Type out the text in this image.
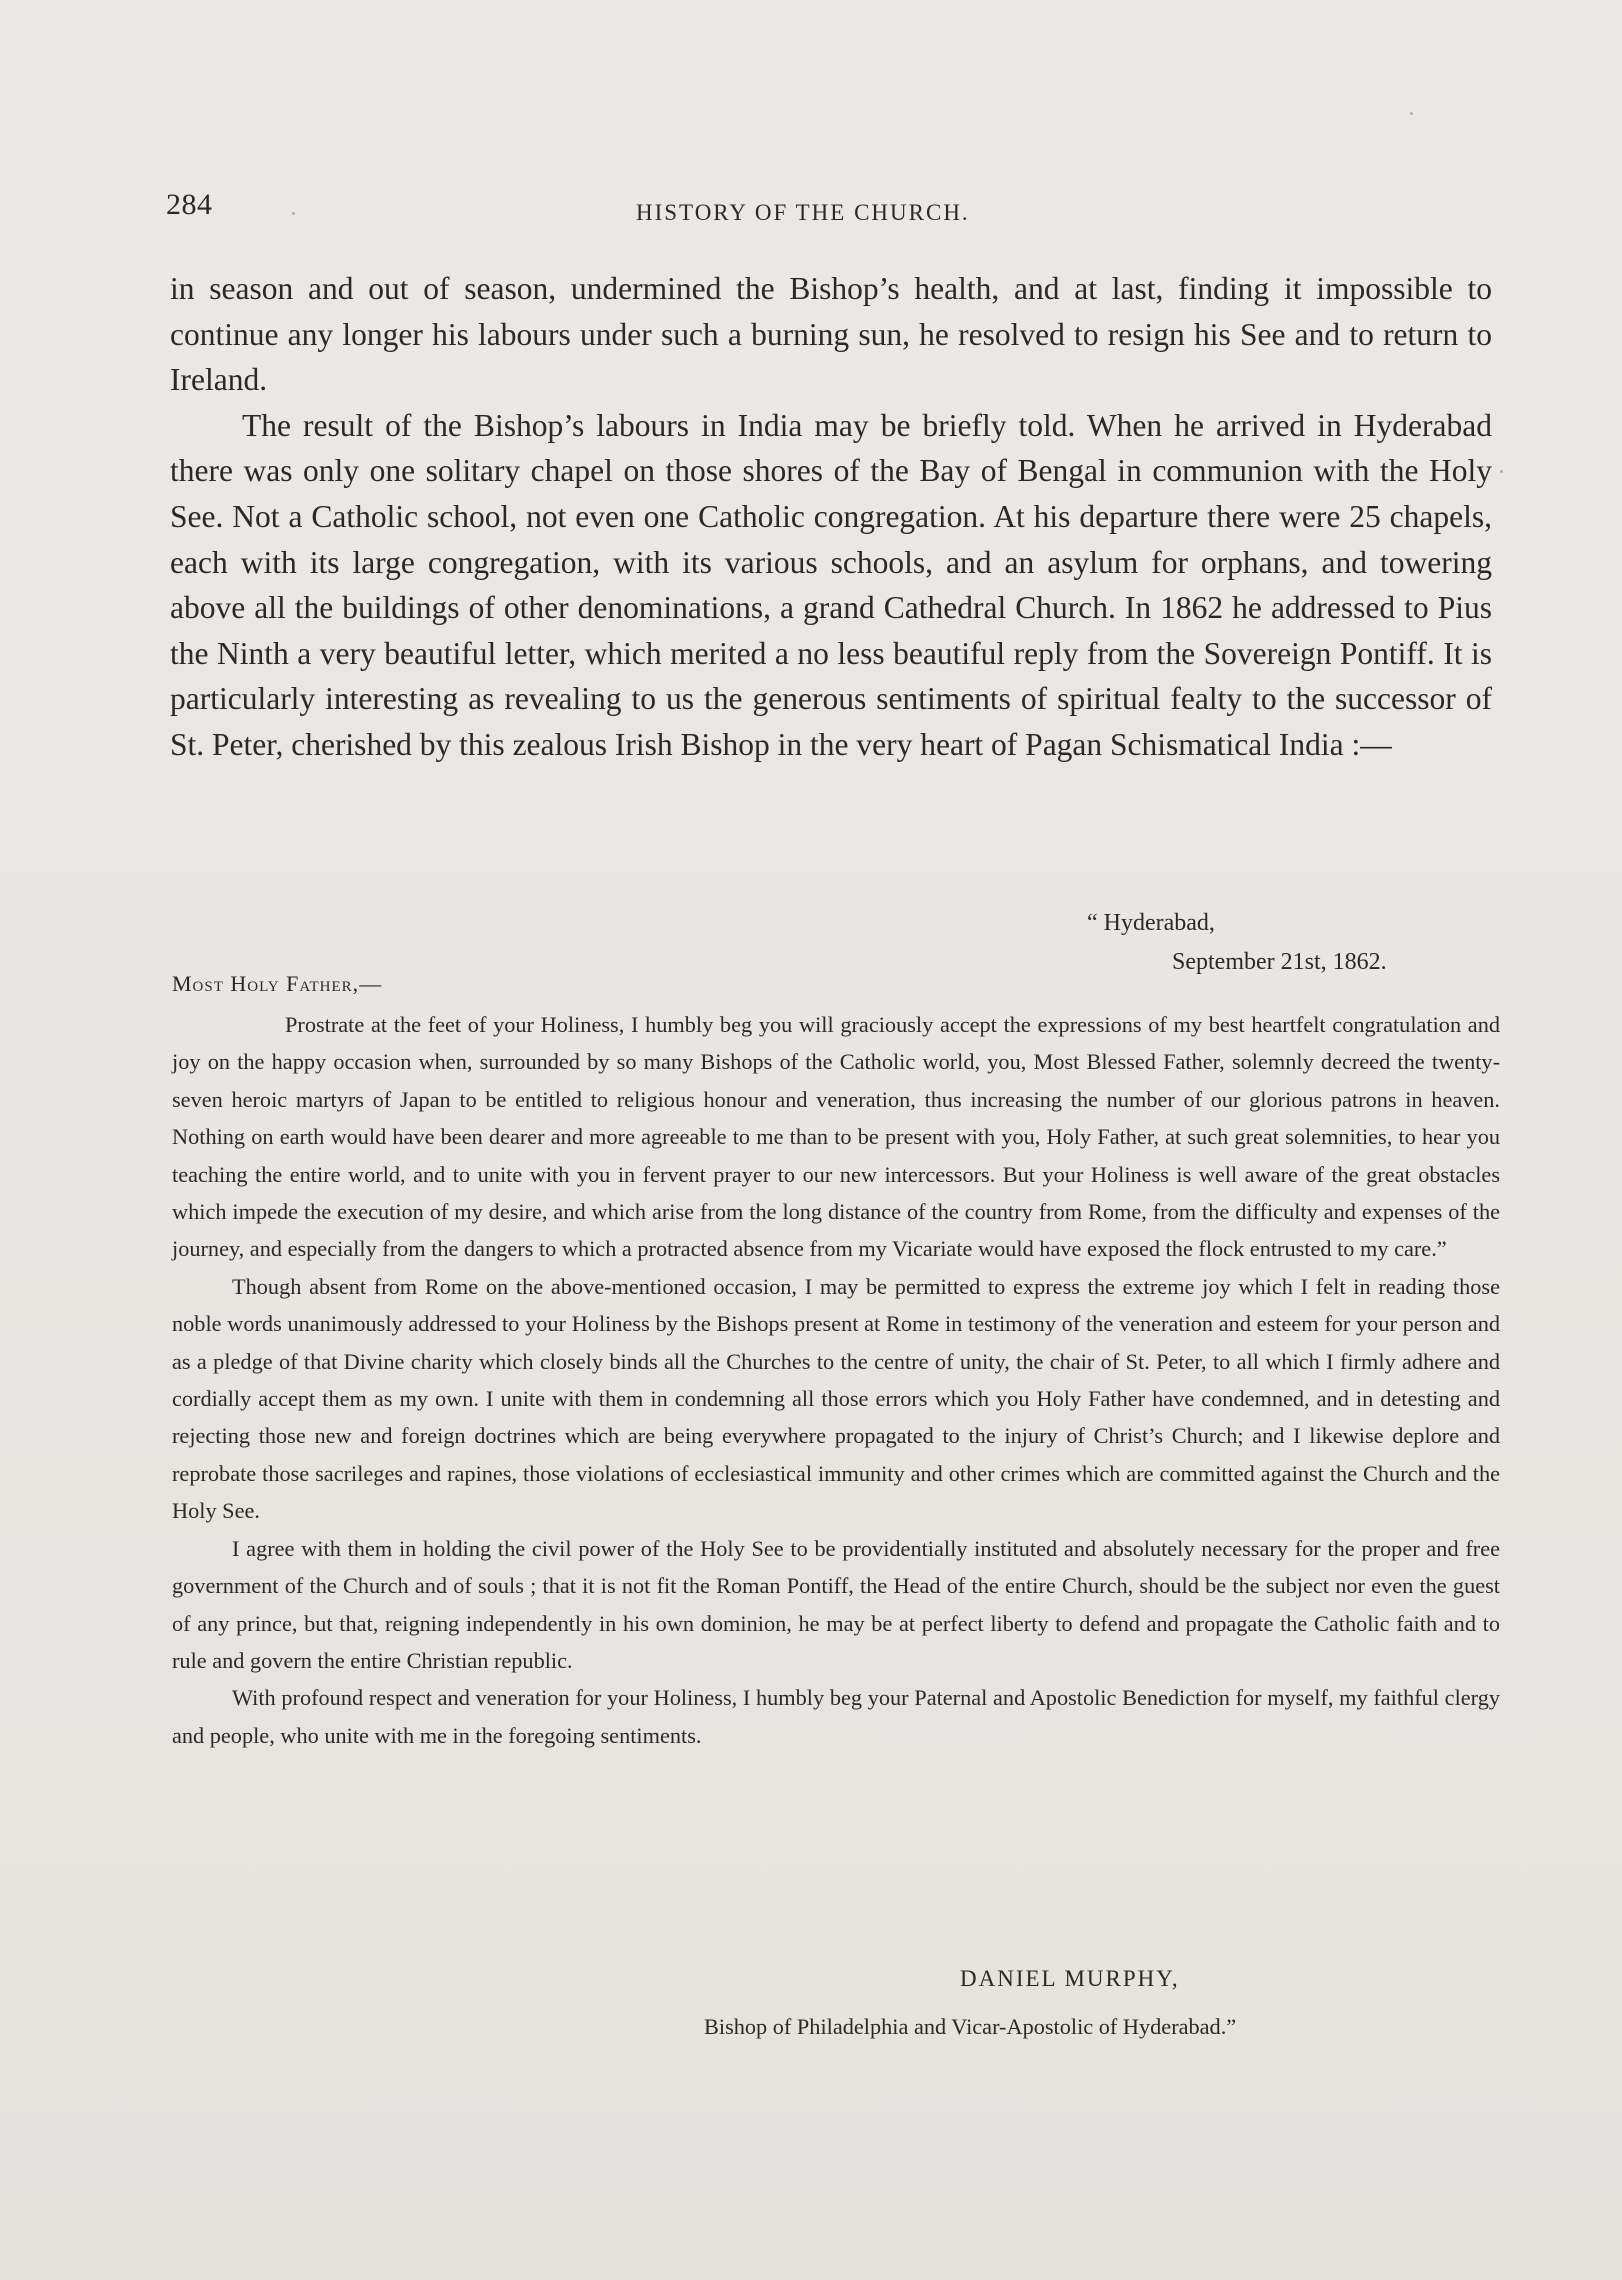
284	HISTORY OF THE CHURCH.

in season and out of season, undermined the Bishop’s health, and at last, finding it impossible to continue any longer his labours under such a burning sun, he resolved to resign his See and to return to Ireland.

The result of the Bishop’s labours in India may be briefly told. When he arrived in Hyderabad there was only one solitary chapel on those shores of the Bay of Bengal in communion with the Holy See. Not a Catholic school, not even one Catholic congregation. At his departure there were 25 chapels, each with its large congregation, with its various schools, and an asylum for orphans, and towering above all the buildings of other denominations, a grand Cathedral Church. In 1862 he addressed to Pius the Ninth a very beautiful letter, which merited a no less beautiful reply from the Sovereign Pontiff. It is particularly interesting as revealing to us the generous sentiments of spiritual fealty to the successor of St. Peter, cherished by this zealous Irish Bishop in the very heart of Pagan Schismatical India :—

“ Hyderabad,
September 21st, 1862.
Most Holy Father,—

Prostrate at the feet of your Holiness, I humbly beg you will graciously accept the expressions of my best heartfelt congratulation and joy on the happy occasion when, surrounded by so many Bishops of the Catholic world, you, Most Blessed Father, solemnly decreed the twenty-seven heroic martyrs of Japan to be entitled to religious honour and veneration, thus increasing the number of our glorious patrons in heaven. Nothing on earth would have been dearer and more agreeable to me than to be present with you, Holy Father, at such great solemnities, to hear you teaching the entire world, and to unite with you in fervent prayer to our new intercessors. But your Holiness is well aware of the great obstacles which impede the execution of my desire, and which arise from the long distance of the country from Rome, from the difficulty and expenses of the journey, and especially from the dangers to which a protracted absence from my Vicariate would have exposed the flock entrusted to my care.”

Though absent from Rome on the above-mentioned occasion, I may be permitted to express the extreme joy which I felt in reading those noble words unanimously addressed to your Holiness by the Bishops present at Rome in testimony of the veneration and esteem for your person and as a pledge of that Divine charity which closely binds all the Churches to the centre of unity, the chair of St. Peter, to all which I firmly adhere and cordially accept them as my own. I unite with them in condemning all those errors which you Holy Father have condemned, and in detesting and rejecting those new and foreign doctrines which are being everywhere propagated to the injury of Christ’s Church; and I likewise deplore and reprobate those sacrileges and rapines, those violations of ecclesiastical immunity and other crimes which are committed against the Church and the Holy See.

I agree with them in holding the civil power of the Holy See to be providentially instituted and absolutely necessary for the proper and free government of the Church and of souls ; that it is not fit the Roman Pontiff, the Head of the entire Church, should be the subject nor even the guest of any prince, but that, reigning independently in his own dominion, he may be at perfect liberty to defend and propagate the Catholic faith and to rule and govern the entire Christian republic.

With profound respect and veneration for your Holiness, I humbly beg your Paternal and Apostolic Benediction for myself, my faithful clergy and people, who unite with me in the foregoing sentiments.

DANIEL MURPHY,
Bishop of Philadelphia and Vicar-Apostolic of Hyderabad.”
